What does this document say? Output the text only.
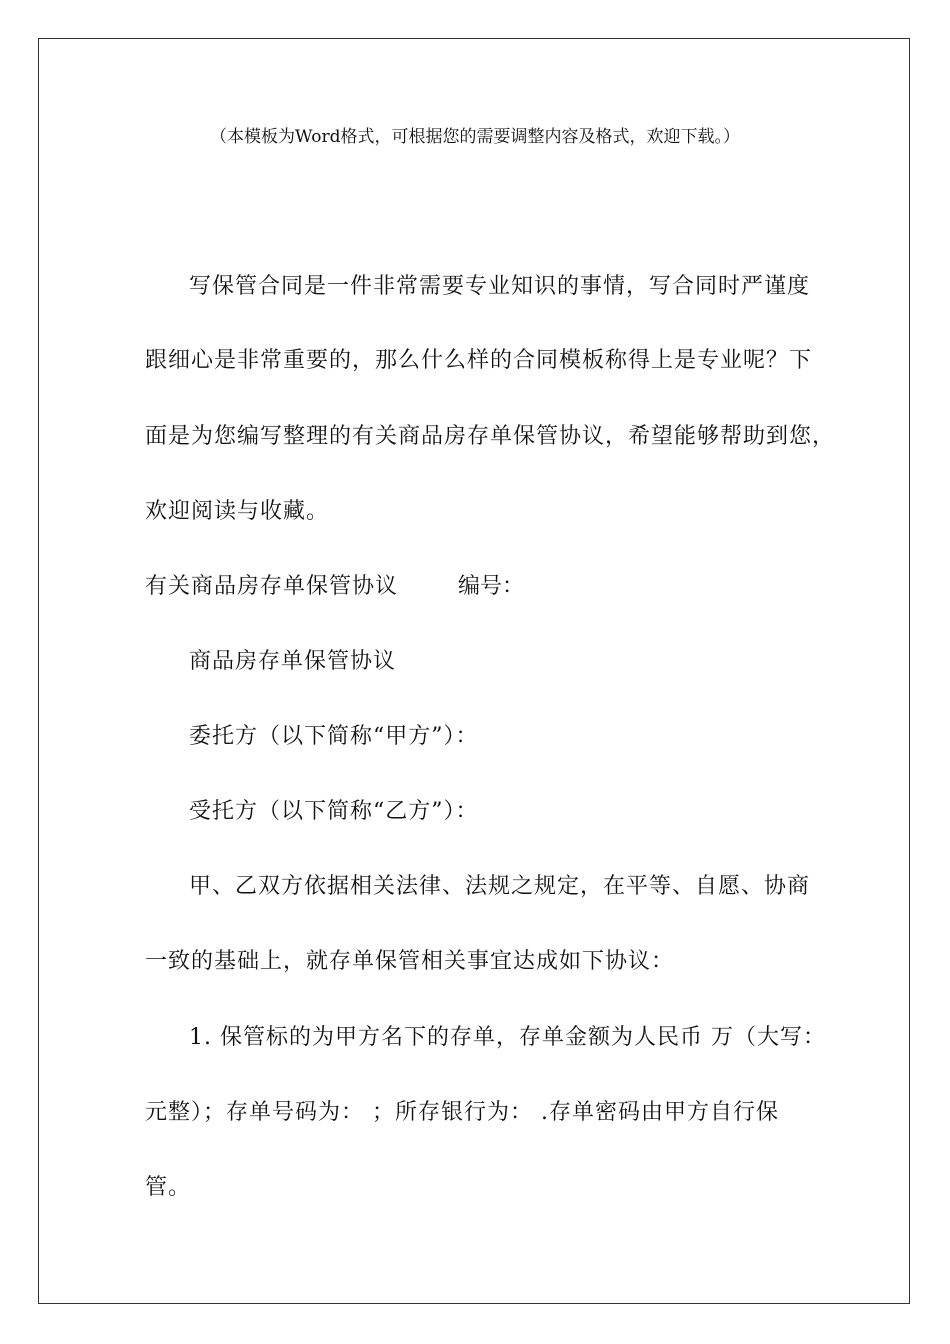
（本模板为Word格式，可根据您的需要调整内容及格式，欢迎下载。）
写保管合同是一件非常需要专业知识的事情，写合同时严谨度
跟细心是非常重要的，那么什么样的合同模板称得上是专业呢？下
面是为您编写整理的有关商品房存单保管协议，希望能够帮助到您，
欢迎阅读与收藏。
有关商品房存单保管协议	编号：
商品房存单保管协议
委托方（以下简称“甲方”）：
受托方（以下简称“乙方”）：
甲、乙双方依据相关法律、法规之规定，在平等、自愿、协商
一致的基础上，就存单保管相关事宜达成如下协议：
1. 保管标的为甲方名下的存单，存单金额为人民币 万（大写：
元整）；存单号码为： ；所存银行为： .存单密码由甲方自行保
管。
